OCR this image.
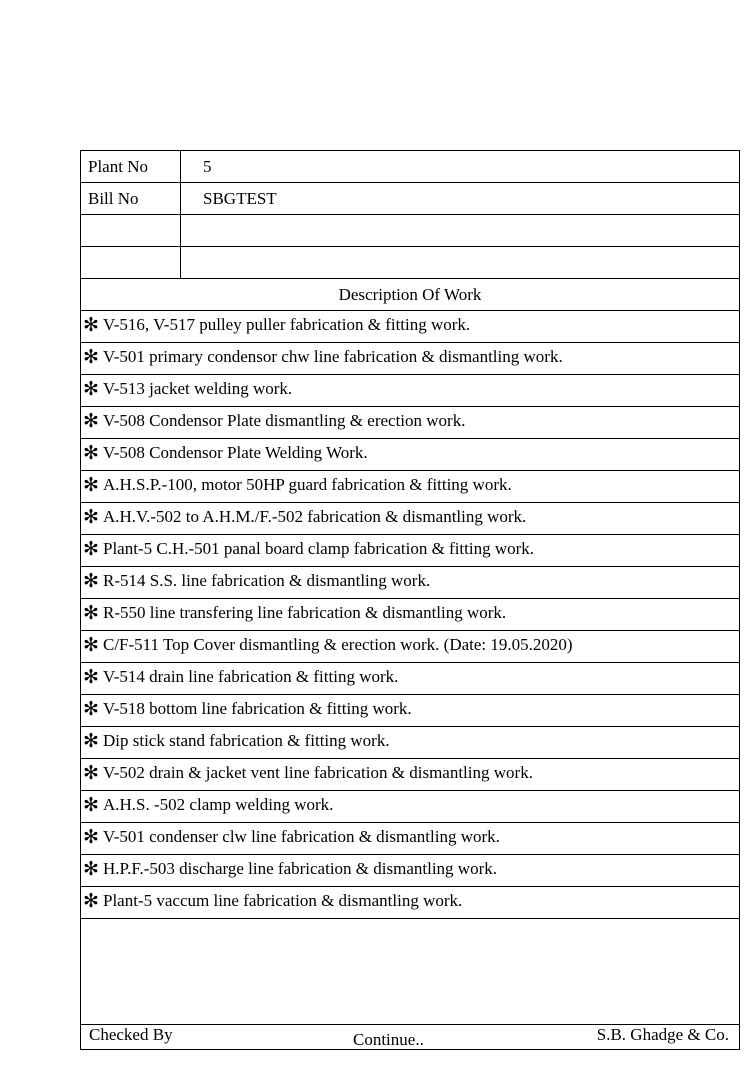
Plant No	5
Bill No	SBGTEST
Description Of Work
✻ V-516, V-517 pulley puller fabrication & fitting work.
✻ V-501 primary condensor chw line fabrication & dismantling work.
✻ V-513 jacket welding work.
✻ V-508 Condensor Plate dismantling & erection work.
✻ V-508 Condensor Plate Welding Work.
✻ A.H.S.P.-100, motor 50HP guard fabrication & fitting work.
✻ A.H.V.-502 to A.H.M./F.-502 fabrication & dismantling work.
✻ Plant-5 C.H.-501 panal board clamp fabrication & fitting work.
✻ R-514 S.S. line fabrication & dismantling work.
✻ R-550 line transfering line fabrication & dismantling work.
✻ C/F-511 Top Cover dismantling & erection work. (Date: 19.05.2020)
✻ V-514 drain line fabrication & fitting work.
✻ V-518 bottom line fabrication & fitting work.
✻ Dip stick stand fabrication & fitting work.
✻ V-502 drain & jacket vent line fabrication & dismantling work.
✻ A.H.S. -502 clamp welding work.
✻ V-501 condenser clw line fabrication & dismantling work.
✻ H.P.F.-503 discharge line fabrication & dismantling work.
✻ Plant-5 vaccum line fabrication & dismantling work.
Checked By	Continue..	S.B. Ghadge & Co.
